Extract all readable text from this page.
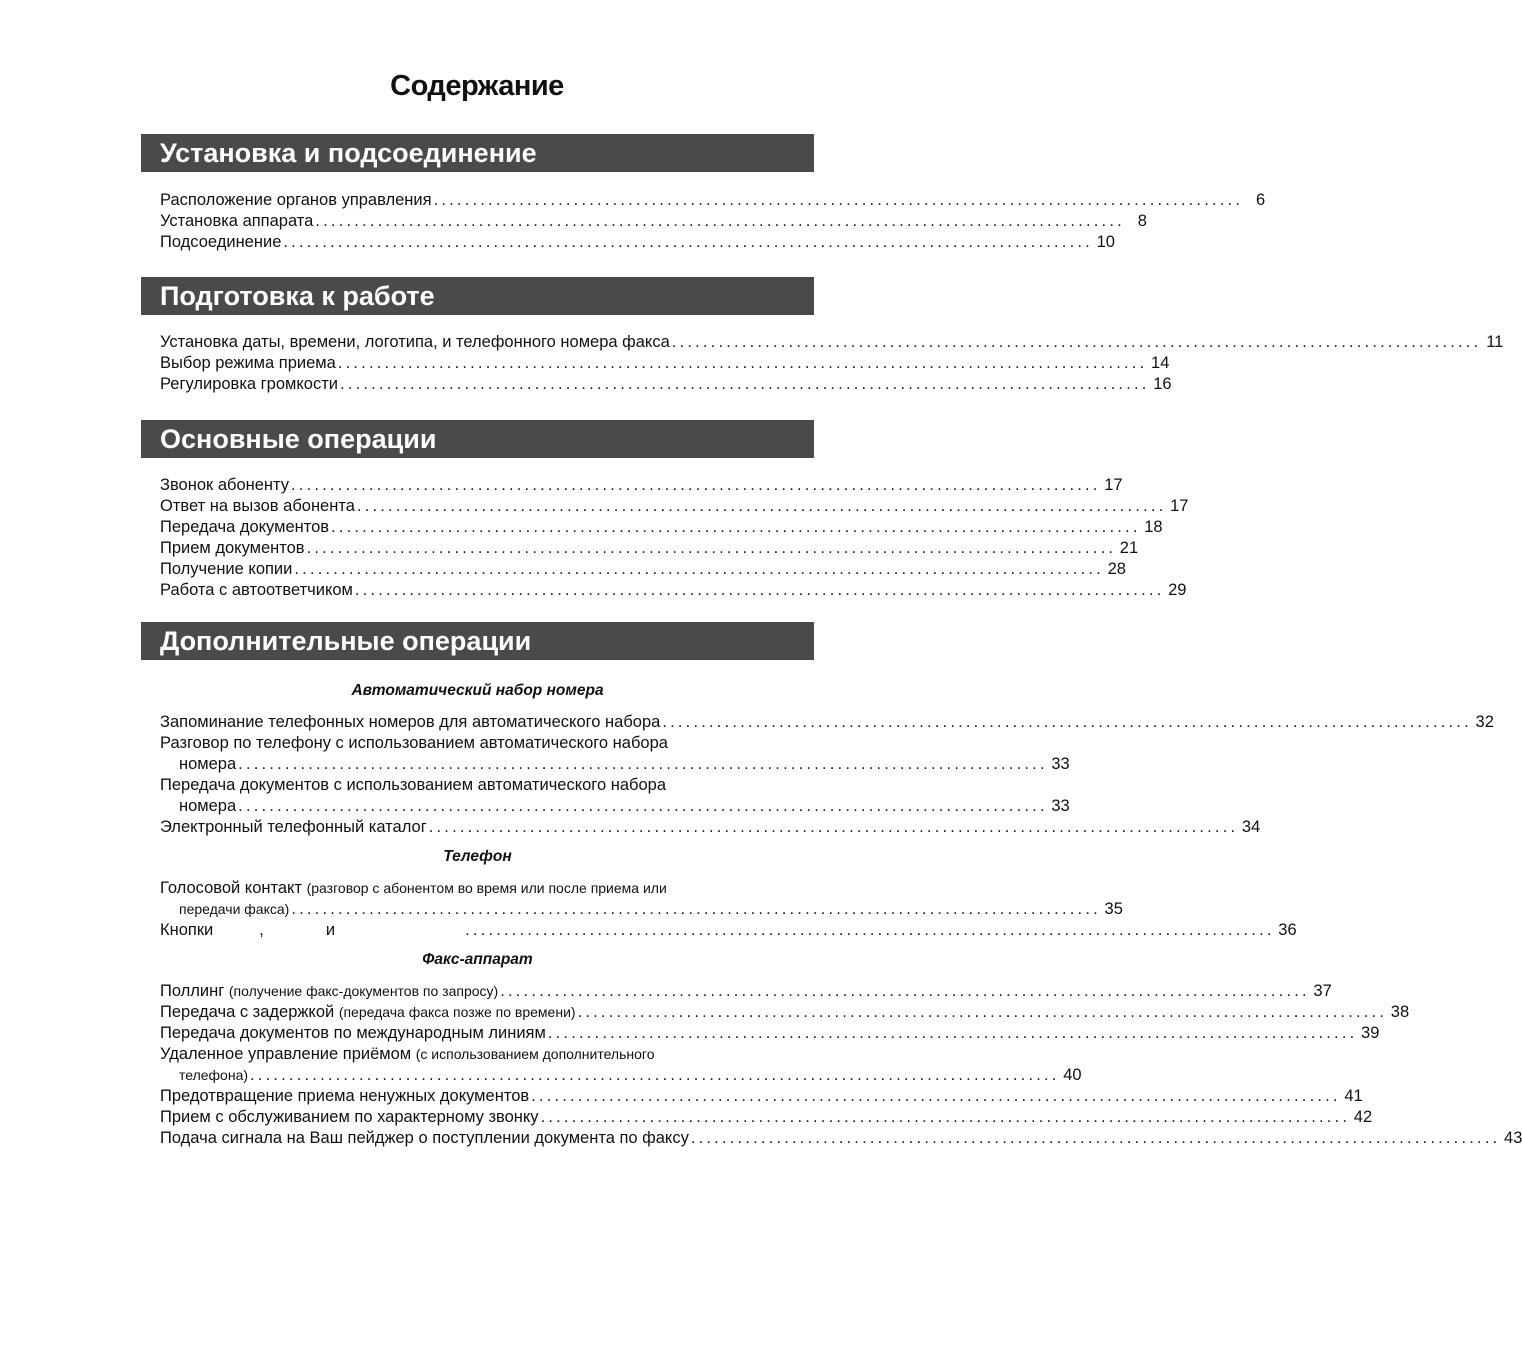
Содержание
Установка и подсоединение
Расположение органов управления ........................................................................................................ 6
Установка аппарата ........................................................................................................ 8
Подсоединение ........................................................................................................ 10
Подготовка к работе
Установка даты, времени, логотипа, и телефонного номера факса ........................................................................................................ 11
Выбор режима приема ........................................................................................................ 14
Регулировка громкости ........................................................................................................ 16
Основные операции
Звонок абоненту ........................................................................................................ 17
Ответ на вызов абонента ........................................................................................................ 17
Передача документов ........................................................................................................ 18
Прием документов ........................................................................................................ 21
Получение копии ........................................................................................................ 28
Работа с автоответчиком ........................................................................................................ 29
Дополнительные операции
Автоматический набор номера
Запоминание телефонных номеров для автоматического набора ........................................................................................................ 32
Разговор по телефону с использованием автоматического набора
номера ........................................................................................................ 33
Передача документов с использованием автоматического набора
номера ........................................................................................................ 33
Электронный телефонный каталог ........................................................................................................ 34
Телефон
Голосовой контакт (разговор с абонентом во время или после приема или
передачи факса) ........................................................................................................ 35
Кнопки	,	и	........................................................................................................ 36
Факс-аппарат
Поллинг (получение факс-документов по запросу) ........................................................................................................ 37
Передача с задержкой (передача факса позже по времени) ........................................................................................................ 38
Передача документов по международным линиям ........................................................................................................ 39
Удаленное управление приёмом (с использованием дополнительного
телефона) ........................................................................................................ 40
Предотвращение приема ненужных документов ........................................................................................................ 41
Прием с обслуживанием по характерному звонку ........................................................................................................ 42
Подача сигнала на Ваш пейджер о поступлении документа по факсу ........................................................................................................ 43
